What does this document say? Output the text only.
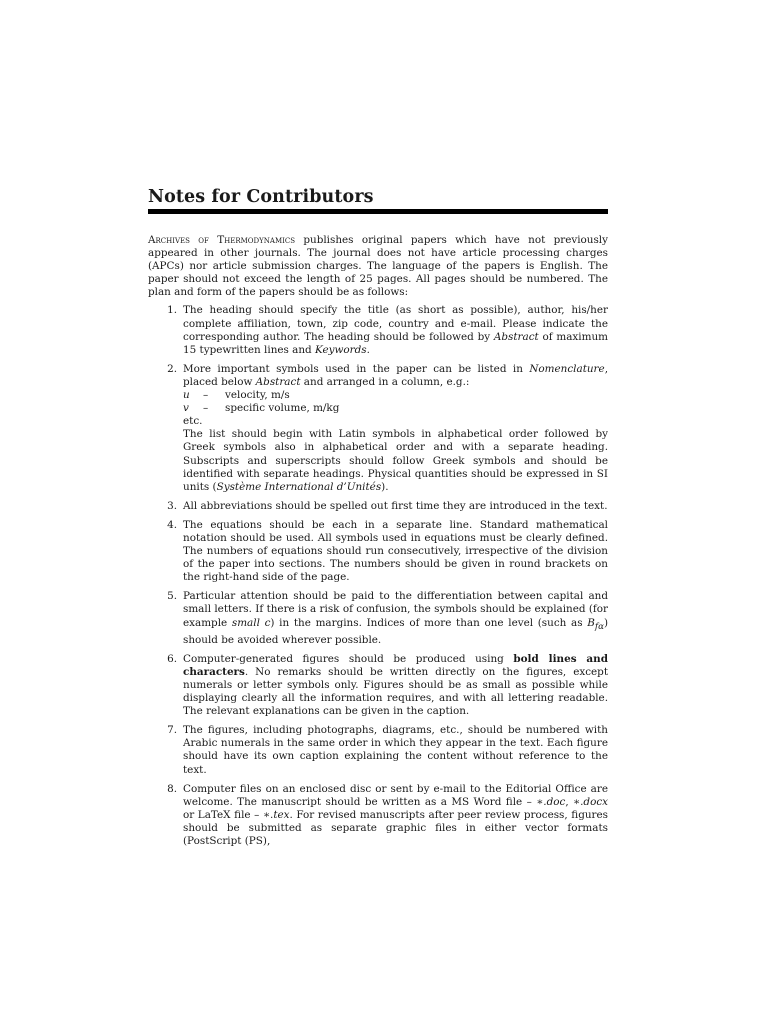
Notes for Contributors

Archives of Thermodynamics publishes original papers which have not previously appeared in other journals. The journal does not have article processing charges (APCs) nor article submission charges. The language of the papers is English. The paper should not exceed the length of 25 pages. All pages should be numbered. The plan and form of the papers should be as follows:

1. The heading should specify the title (as short as possible), author, his/her complete affiliation, town, zip code, country and e-mail. Please indicate the corresponding author. The heading should be followed by Abstract of maximum 15 typewritten lines and Keywords.
2. More important symbols used in the paper can be listed in Nomenclature, placed below Abstract and arranged in a column, e.g.:
u	–	velocity, m/s
v	–	specific volume, m/kg
etc.
The list should begin with Latin symbols in alphabetical order followed by Greek symbols also in alphabetical order and with a separate heading. Subscripts and superscripts should follow Greek symbols and should be identified with separate headings. Physical quantities should be expressed in SI units (Système International d’Unités).
3. All abbreviations should be spelled out first time they are introduced in the text.
4. The equations should be each in a separate line. Standard mathematical notation should be used. All symbols used in equations must be clearly defined. The numbers of equations should run consecutively, irrespective of the division of the paper into sections. The numbers should be given in round brackets on the right-hand side of the page.
5. Particular attention should be paid to the differentiation between capital and small letters. If there is a risk of confusion, the symbols should be explained (for example small c) in the margins. Indices of more than one level (such as $B_{f\alpha}$) should be avoided wherever possible.
6. Computer-generated figures should be produced using bold lines and characters. No remarks should be written directly on the figures, except numerals or letter symbols only. Figures should be as small as possible while displaying clearly all the information requires, and with all lettering readable. The relevant explanations can be given in the caption.
7. The figures, including photographs, diagrams, etc., should be numbered with Arabic numerals in the same order in which they appear in the text. Each figure should have its own caption explaining the content without reference to the text.
8. Computer files on an enclosed disc or sent by e-mail to the Editorial Office are welcome. The manuscript should be written as a MS Word file – ∗.doc, ∗.docx or LaTeX file – ∗.tex. For revised manuscripts after peer review process, figures should be submitted as separate graphic files in either vector formats (PostScript (PS),
